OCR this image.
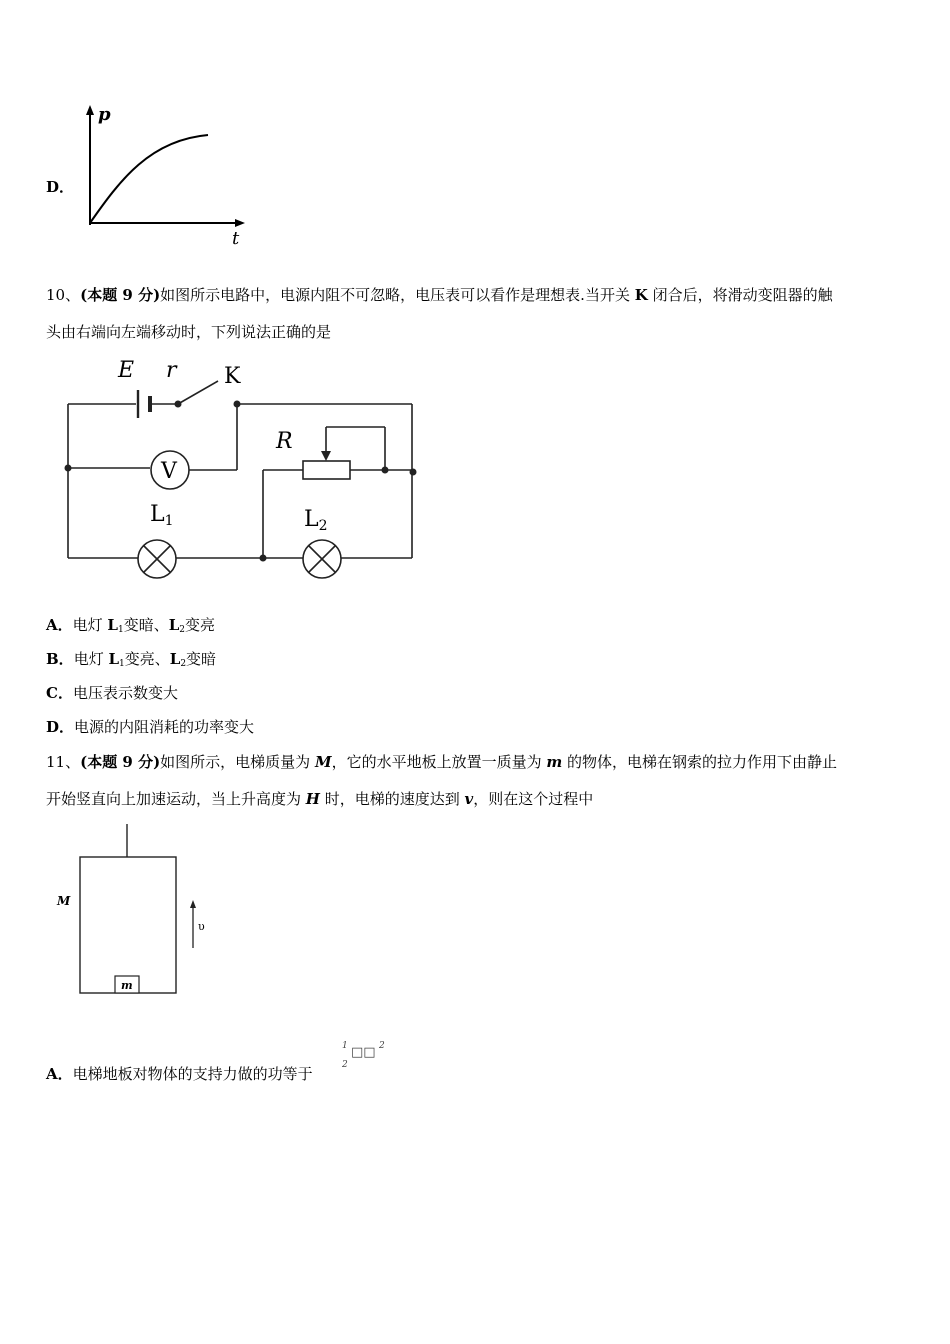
D．
p
t
10、(本题 9 分)如图所示电路中，电源内阻不可忽略，电压表可以看作是理想表.当开关 K 闭合后，将滑动变阻器的触
头由右端向左端移动时，下列说法正确的是
E r K
V
R
L1	L2
A．电灯 $L_1$变暗、$L_2$变亮
B．电灯 $L_1$变亮、$L_2$变暗
C．电压表示数变大
D．电源的内阻消耗的功率变大
11、(本题 9 分)如图所示，电梯质量为 M，它的水平地板上放置一质量为 m 的物体，电梯在钢索的拉力作用下由静止
开始竖直向上加速运动，当上升高度为 H 时，电梯的速度达到 v，则在这个过程中
m
M
υ
A．电梯地板对物体的支持力做的功等于
1
2
□□ 2
